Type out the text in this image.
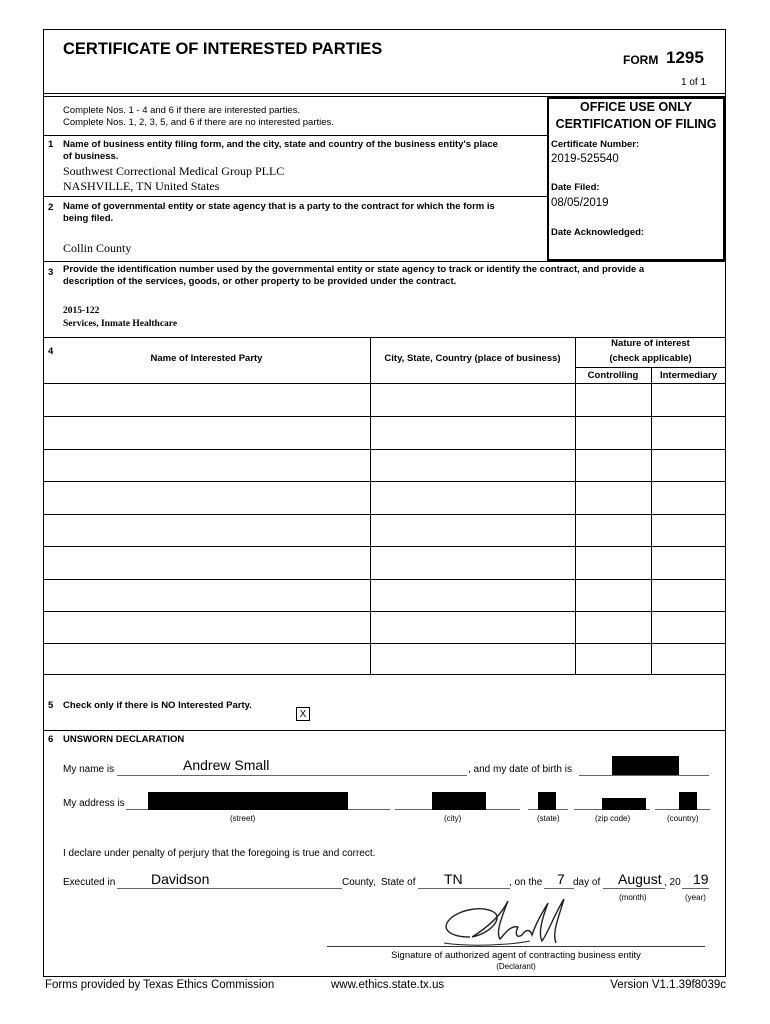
CERTIFICATE OF INTERESTED PARTIES
FORM 1295
1 of 1
Complete Nos. 1 - 4 and 6 if there are interested parties.
Complete Nos. 1, 2, 3, 5, and 6 if there are no interested parties.
OFFICE USE ONLY
CERTIFICATION OF FILING
Certificate Number:
2019-525540
Date Filed:
08/05/2019
Date Acknowledged:
1 Name of business entity filing form, and the city, state and country of the business entity's place
of business.
Southwest Correctional Medical Group PLLC
NASHVILLE, TN United States
2 Name of governmental entity or state agency that is a party to the contract for which the form is
being filed.
Collin County
3 Provide the identification number used by the governmental entity or state agency to track or identify the contract, and provide a
description of the services, goods, or other property to be provided under the contract.
2015-122
Services, Inmate Healthcare
4
Name of Interested Party	City, State, Country (place of business)
Nature of interest
(check applicable)
Controlling	Intermediary
5 Check only if there is NO Interested Party.
X
6 UNSWORN DECLARATION
My name is	Andrew Small	, and my date of birth is
My address is
(street)	(city)	(state)	(zip code)	(country)
I declare under penalty of perjury that the foregoing is true and correct.
Executed in	Davidson	County, State of TN	, on the 7 day of August , 20 19
(month)	(year)
Signature of authorized agent of contracting business entity
(Declarant)
Forms provided by Texas Ethics Commission	www.ethics.state.tx.us	Version V1.1.39f8039c
